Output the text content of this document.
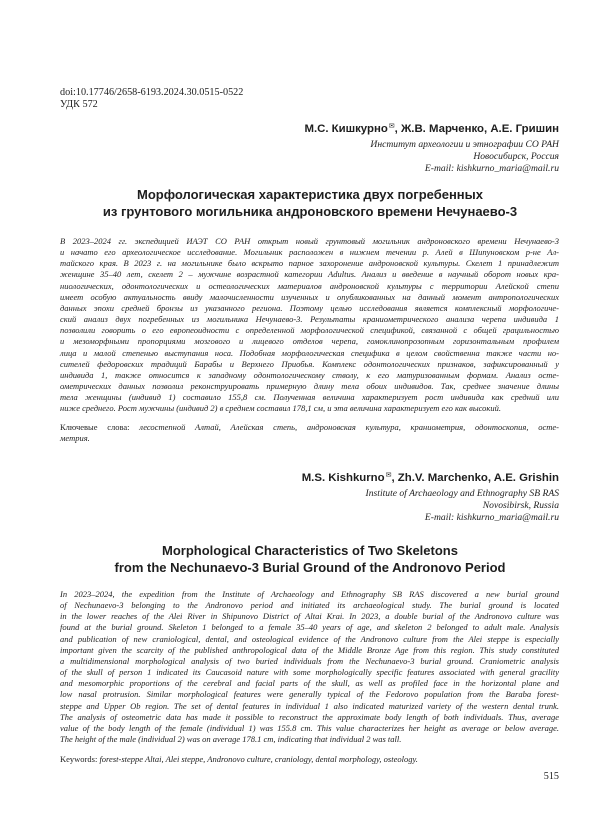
doi:10.17746/2658-6193.2024.30.0515-0522
УДК 572
М.С. Кишкурно✉, Ж.В. Марченко, А.Е. Гришин
Институт археологии и этнографии СО РАН
Новосибирск, Россия
E-mail: kishkurno_maria@mail.ru
Морфологическая характеристика двух погребенных
из грунтового могильника андроновского времени Нечунаево-3
В 2023–2024 гг. экспедицией ИАЭТ СО РАН открыт новый грунтовый могильник андроновского времени Нечунаево-3
и начато его археологическое исследование. Могильник расположен в нижнем течении р. Алей в Шипуновском р-не Ал-
тайского края. В 2023 г. на могильнике было вскрыто парное захоронение андроновской культуры. Скелет 1 принадлежит
женщине 35–40 лет, скелет 2 – мужчине возрастной категории Adultus. Анализ и введение в научный оборот новых кра-
ниологических, одонтологических и остеологических материалов андроновской культуры с территории Алейской степи
имеет особую актуальность ввиду малочисленности изученных и опубликованных на данный момент антропологических
данных эпохи средней бронзы из указанного региона. Поэтому целью исследования является комплексный морфологиче-
ский анализ двух погребенных из могильника Нечунаево-3. Результаты краниометрического анализа черепа индивида 1
позволили говорить о его европеоидности с определенной морфологической спецификой, связанной с общей грацильностью
и мезоморфными пропорциями мозгового и лицевого отделов черепа, гомоклинопрозопным горизонтальным профилем
лица и малой степенью выступания носа. Подобная морфологическая специфика в целом свойственна также части но-
сителей федоровских традиций Барабы и Верхнего Приобья. Комплекс одонтологических признаков, зафиксированный у
индивида 1, также относится к западному одонтологическому стволу, к его матуризованным формам. Анализ осте-
ометрических данных позволил реконструировать примерную длину тела обоих индивидов. Так, среднее значение длины
тела женщины (индивид 1) составило 155,8 см. Полученная величина характеризует рост индивида как средний или
ниже среднего. Рост мужчины (индивид 2) в среднем составил 178,1 см, и эта величина характеризует его как высокий.
Ключевые слова: лесостепной Алтай, Алейская степь, андроновская культура, краниометрия, одонтоскопия, осте-
метрия.
M.S. Kishkurno✉, Zh.V. Marchenko, A.E. Grishin
Institute of Archaeology and Ethnography SB RAS
Novosibirsk, Russia
E-mail: kishkurno_maria@mail.ru
Morphological Characteristics of Two Skeletons
from the Nechunaevo-3 Burial Ground of the Andronovo Period
In 2023–2024, the expedition from the Institute of Archaeology and Ethnography SB RAS discovered a new burial ground
of Nechunaevo-3 belonging to the Andronovo period and initiated its archaeological study. The burial ground is located
in the lower reaches of the Alei River in Shipunovo District of Altai Krai. In 2023, a double burial of the Andronovo culture was
found at the burial ground. Skeleton 1 belonged to a female 35–40 years of age, and skeleton 2 belonged to adult male. Analysis
and publication of new craniological, dental, and osteological evidence of the Andronovo culture from the Alei steppe is especially
important given the scarcity of the published anthropological data of the Middle Bronze Age from this region. This study constituted
a multidimensional morphological analysis of two buried individuals from the Nechunaevo-3 burial ground. Craniometric analysis
of the skull of person 1 indicated its Caucasoid nature with some morphologically specific features associated with general gracility
and mesomorphic proportions of the cerebral and facial parts of the skull, as well as profiled face in the horizontal plane and
low nasal protrusion. Similar morphological features were generally typical of the Fedorovo population from the Baraba forest-
steppe and Upper Ob region. The set of dental features in individual 1 also indicated maturized variety of the western dental trunk.
The analysis of osteometric data has made it possible to reconstruct the approximate body length of both individuals. Thus, average
value of the body length of the female (individual 1) was 155.8 cm. This value characterizes her height as average or below average.
The height of the male (individual 2) was on average 178.1 cm, indicating that individual 2 was tall.
Keywords: forest-steppe Altai, Alei steppe, Andronovo culture, craniology, dental morphology, osteology.
515
